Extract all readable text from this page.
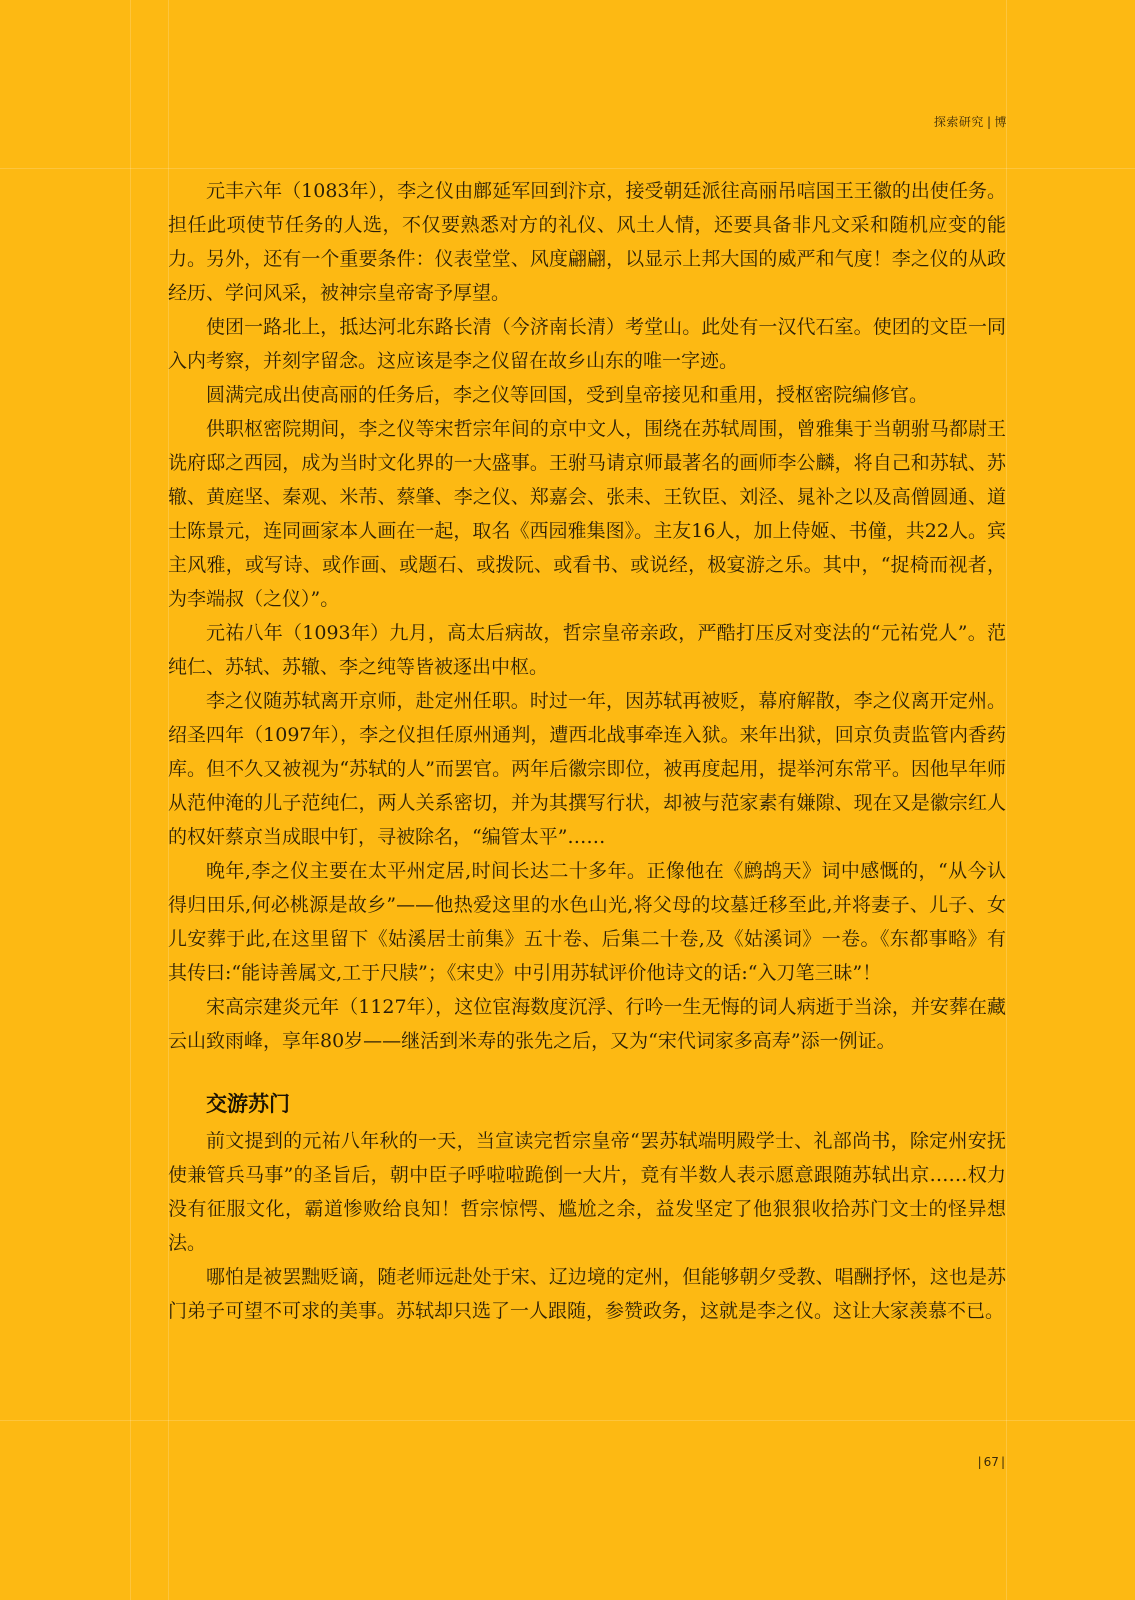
探索研究 | 博

元丰六年（1083年），李之仪由鄜延军回到汴京，接受朝廷派往高丽吊唁国王王徽的出使任务。担任此项使节任务的人选，不仅要熟悉对方的礼仪、风土人情，还要具备非凡文采和随机应变的能力。另外，还有一个重要条件：仪表堂堂、风度翩翩，以显示上邦大国的威严和气度！李之仪的从政经历、学问风采，被神宗皇帝寄予厚望。

使团一路北上，抵达河北东路长清（今济南长清）考堂山。此处有一汉代石室。使团的文臣一同入内考察，并刻字留念。这应该是李之仪留在故乡山东的唯一字迹。

圆满完成出使高丽的任务后，李之仪等回国，受到皇帝接见和重用，授枢密院编修官。

供职枢密院期间，李之仪等宋哲宗年间的京中文人，围绕在苏轼周围，曾雅集于当朝驸马都尉王诜府邸之西园，成为当时文化界的一大盛事。王驸马请京师最著名的画师李公麟，将自己和苏轼、苏辙、黄庭坚、秦观、米芾、蔡肇、李之仪、郑嘉会、张耒、王钦臣、刘泾、晁补之以及高僧圆通、道士陈景元，连同画家本人画在一起，取名《西园雅集图》。主友16人，加上侍姬、书僮，共22人。宾主风雅，或写诗、或作画、或题石、或拨阮、或看书、或说经，极宴游之乐。其中，“捉椅而视者，为李端叔（之仪）”。

元祐八年（1093年）九月，高太后病故，哲宗皇帝亲政，严酷打压反对变法的“元祐党人”。范纯仁、苏轼、苏辙、李之纯等皆被逐出中枢。

李之仪随苏轼离开京师，赴定州任职。时过一年，因苏轼再被贬，幕府解散，李之仪离开定州。绍圣四年（1097年），李之仪担任原州通判，遭西北战事牵连入狱。来年出狱，回京负责监管内香药库。但不久又被视为“苏轼的人”而罢官。两年后徽宗即位，被再度起用，提举河东常平。因他早年师从范仲淹的儿子范纯仁，两人关系密切，并为其撰写行状，却被与范家素有嫌隙、现在又是徽宗红人的权奸蔡京当成眼中钉，寻被除名，“编管太平”……

晚年,李之仪主要在太平州定居,时间长达二十多年。正像他在《鹧鸪天》词中感慨的，“从今认得归田乐,何必桃源是故乡”——他热爱这里的水色山光,将父母的坟墓迁移至此,并将妻子、儿子、女儿安葬于此,在这里留下《姑溪居士前集》五十卷、后集二十卷,及《姑溪词》一卷。《东都事略》有其传曰:“能诗善属文,工于尺牍”；《宋史》中引用苏轼评价他诗文的话:“入刀笔三昧”！

宋高宗建炎元年（1127年），这位宦海数度沉浮、行吟一生无悔的词人病逝于当涂，并安葬在藏云山致雨峰，享年80岁——继活到米寿的张先之后，又为“宋代词家多高寿”添一例证。

交游苏门

前文提到的元祐八年秋的一天，当宣读完哲宗皇帝“罢苏轼端明殿学士、礼部尚书，除定州安抚使兼管兵马事”的圣旨后，朝中臣子呼啦啦跪倒一大片，竟有半数人表示愿意跟随苏轼出京……权力没有征服文化，霸道惨败给良知！哲宗惊愕、尴尬之余，益发坚定了他狠狠收拾苏门文士的怪异想法。

哪怕是被罢黜贬谪，随老师远赴处于宋、辽边境的定州，但能够朝夕受教、唱酬抒怀，这也是苏门弟子可望不可求的美事。苏轼却只选了一人跟随，参赞政务，这就是李之仪。这让大家羡慕不已。

| 67 |
